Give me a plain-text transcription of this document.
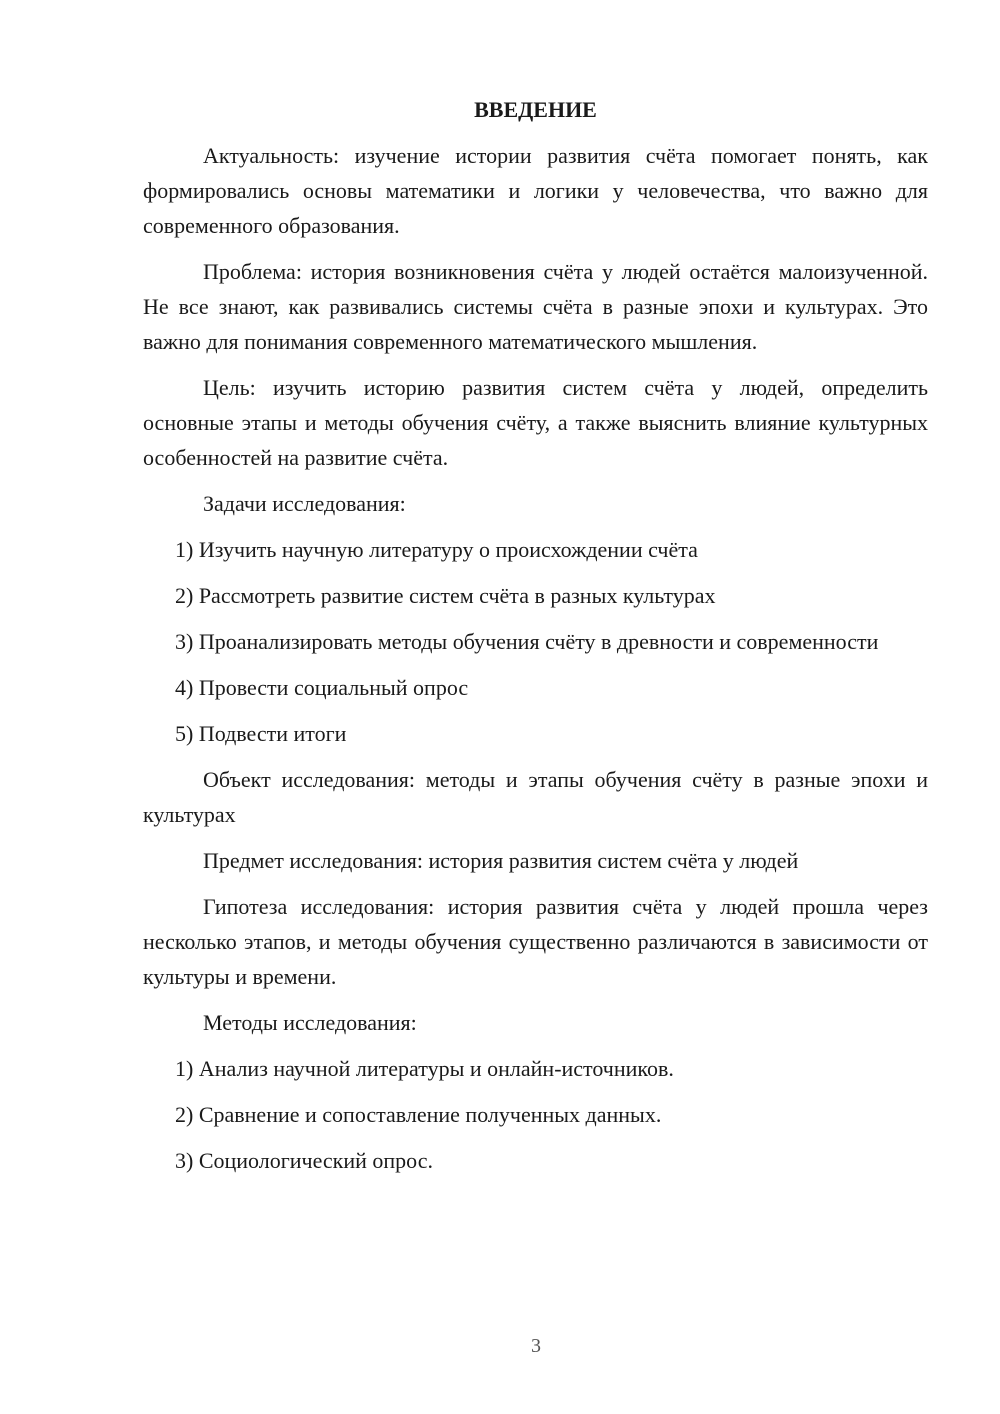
ВВЕДЕНИЕ
Актуальность: изучение истории развития счёта помогает понять, как формировались основы математики и логики у человечества, что важно для современного образования.
Проблема: история возникновения счёта у людей остаётся малоизученной. Не все знают, как развивались системы счёта в разные эпохи и культурах. Это важно для понимания современного математического мышления.
Цель: изучить историю развития систем счёта у людей, определить основные этапы и методы обучения счёту, а также выяснить влияние культурных особенностей на развитие счёта.
Задачи исследования:
1) Изучить научную литературу о происхождении счёта
2) Рассмотреть развитие систем счёта в разных культурах
3) Проанализировать методы обучения счёту в древности и современности
4) Провести социальный опрос
5) Подвести итоги
Объект исследования: методы и этапы обучения счёту в разные эпохи и культурах
Предмет исследования: история развития систем счёта у людей
Гипотеза исследования: история развития счёта у людей прошла через несколько этапов, и методы обучения существенно различаются в зависимости от культуры и времени.
Методы исследования:
1) Анализ научной литературы и онлайн-источников.
2) Сравнение и сопоставление полученных данных.
3) Социологический опрос.
3
